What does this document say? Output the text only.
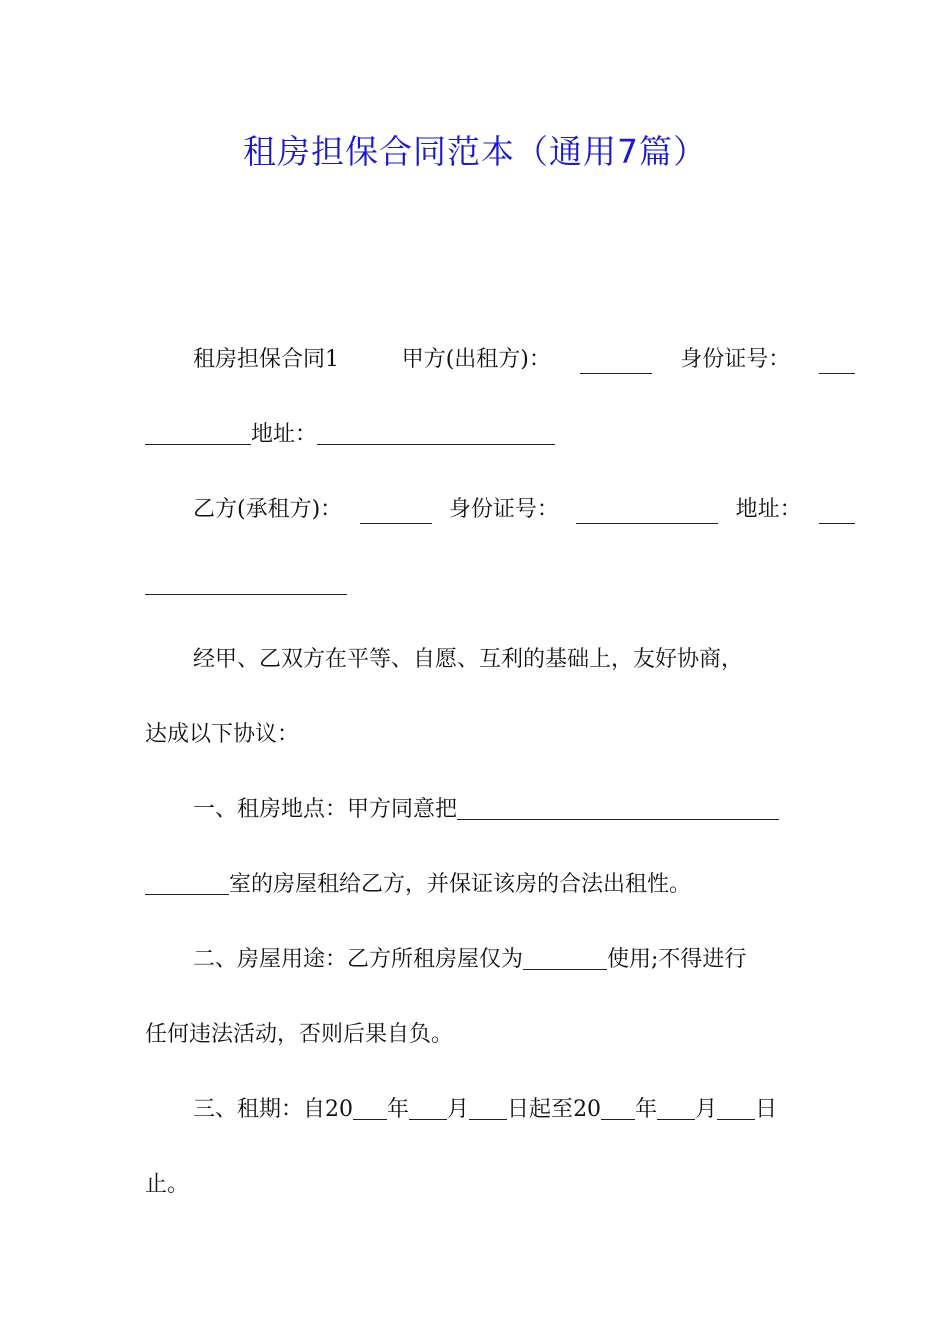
租房担保合同范本（通用7篇）
租房担保合同1	甲方(出租方)：	身份证号：
地址：
乙方(承租方)：	身份证号：	地址：
经甲、乙双方在平等、自愿、互利的基础上，友好协商，
达成以下协议：
一、租房地点：甲方同意把
室的房屋租给乙方，并保证该房的合法出租性。
二、房屋用途：乙方所租房屋仅为	使用;不得进行
任何违法活动，否则后果自负。
三、租期：自20 年 月 日起至20 年 月 日
止。
